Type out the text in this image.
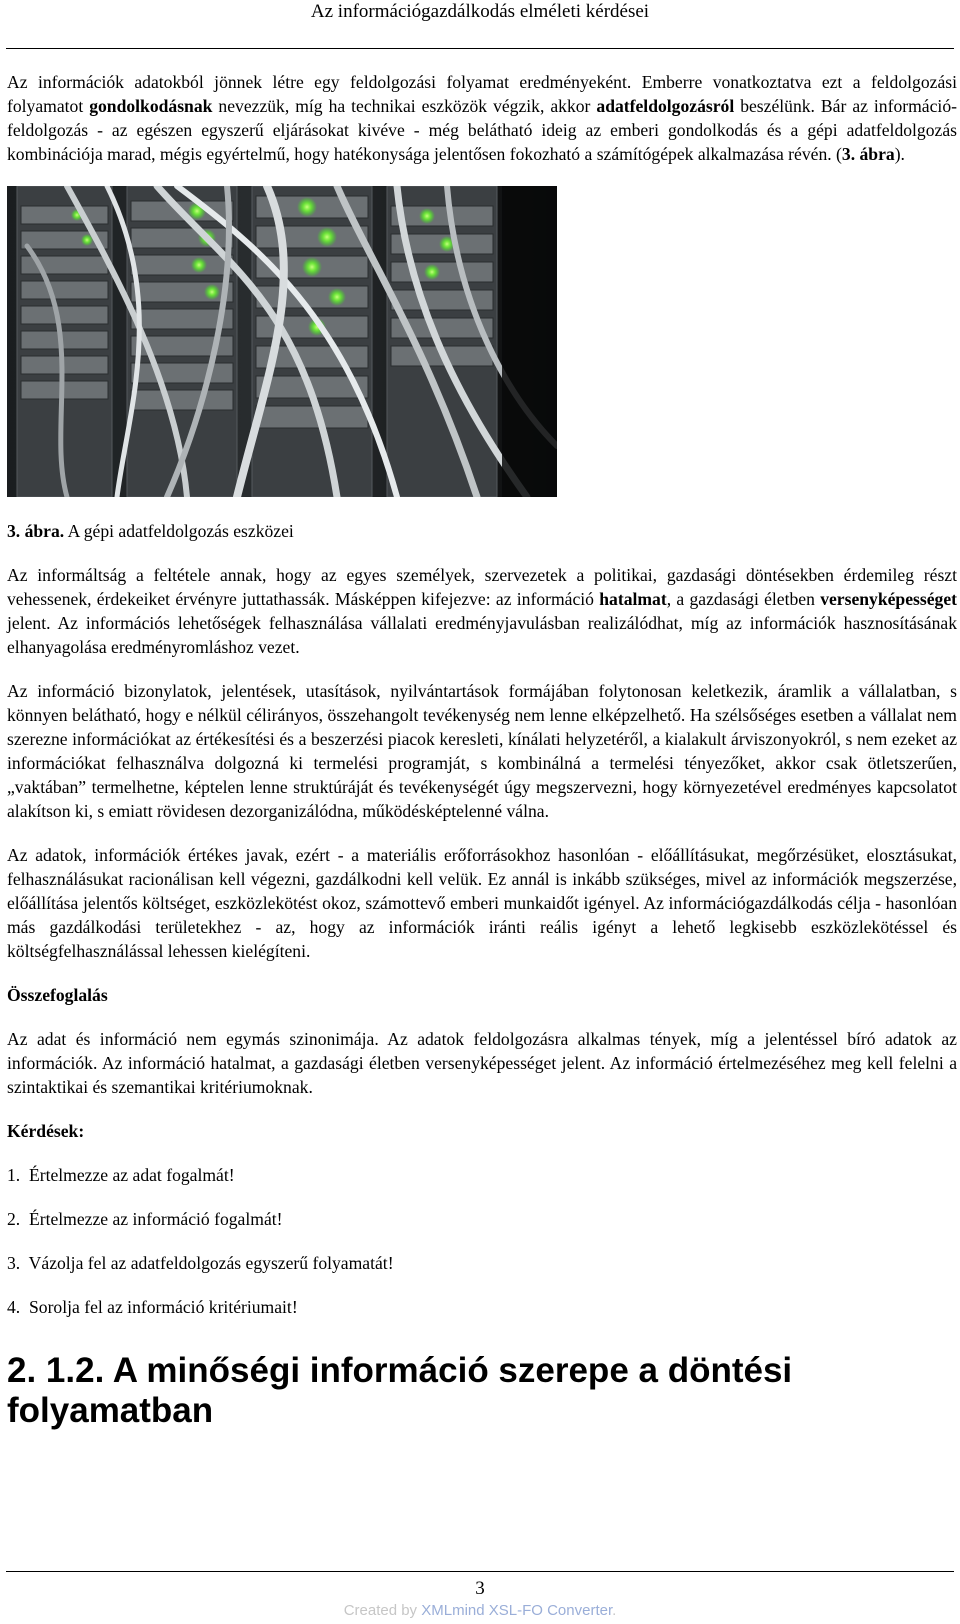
Az információgazdálkodás elméleti kérdései

Az információk adatokból jönnek létre egy feldolgozási folyamat eredményeként. Emberre vonatkoztatva ezt a feldolgozási folyamatot gondolkodásnak nevezzük, míg ha technikai eszközök végzik, akkor adatfeldolgozásról beszélünk. Bár az információ-feldolgozás - az egészen egyszerű eljárásokat kivéve - még belátható ideig az emberi gondolkodás és a gépi adatfeldolgozás kombinációja marad, mégis egyértelmű, hogy hatékonysága jelentősen fokozható a számítógépek alkalmazása révén. (3. ábra).

3. ábra. A gépi adatfeldolgozás eszközei

Az informáltság a feltétele annak, hogy az egyes személyek, szervezetek a politikai, gazdasági döntésekben érdemileg részt vehessenek, érdekeiket érvényre juttathassák. Másképpen kifejezve: az információ hatalmat, a gazdasági életben versenyképességet jelent. Az információs lehetőségek felhasználása vállalati eredményjavulásban realizálódhat, míg az információk hasznosításának elhanyagolása eredményromláshoz vezet.

Az információ bizonylatok, jelentések, utasítások, nyilvántartások formájában folytonosan keletkezik, áramlik a vállalatban, s könnyen belátható, hogy e nélkül célirányos, összehangolt tevékenység nem lenne elképzelhető. Ha szélsőséges esetben a vállalat nem szerezne információkat az értékesítési és a beszerzési piacok keresleti, kínálati helyzetéről, a kialakult árviszonyokról, s nem ezeket az információkat felhasználva dolgozná ki termelési programját, s kombinálná a termelési tényezőket, akkor csak ötletszerűen, „vaktában” termelhetne, képtelen lenne struktúráját és tevékenységét úgy megszervezni, hogy környezetével eredményes kapcsolatot alakítson ki, s emiatt rövidesen dezorganizálódna, működésképtelenné válna.

Az adatok, információk értékes javak, ezért - a materiális erőforrásokhoz hasonlóan - előállításukat, megőrzésüket, elosztásukat, felhasználásukat racionálisan kell végezni, gazdálkodni kell velük. Ez annál is inkább szükséges, mivel az információk megszerzése, előállítása jelentős költséget, eszközlekötést okoz, számottevő emberi munkaidőt igényel. Az információgazdálkodás célja - hasonlóan más gazdálkodási területekhez - az, hogy az információk iránti reális igényt a lehető legkisebb eszközlekötéssel és költségfelhasználással lehessen kielégíteni.

Összefoglalás

Az adat és információ nem egymás szinonimája. Az adatok feldolgozásra alkalmas tények, míg a jelentéssel bíró adatok az információk. Az információ hatalmat, a gazdasági életben versenyképességet jelent. Az információ értelmezéséhez meg kell felelni a szintaktikai és szemantikai kritériumoknak.

Kérdések:

1.  Értelmezze az adat fogalmát!

2.  Értelmezze az információ fogalmát!

3.  Vázolja fel az adatfeldolgozás egyszerű folyamatát!

4.  Sorolja fel az információ kritériumait!

2. 1.2. A minőségi információ szerepe a döntési folyamatban
3
Created by XMLmind XSL-FO Converter.
